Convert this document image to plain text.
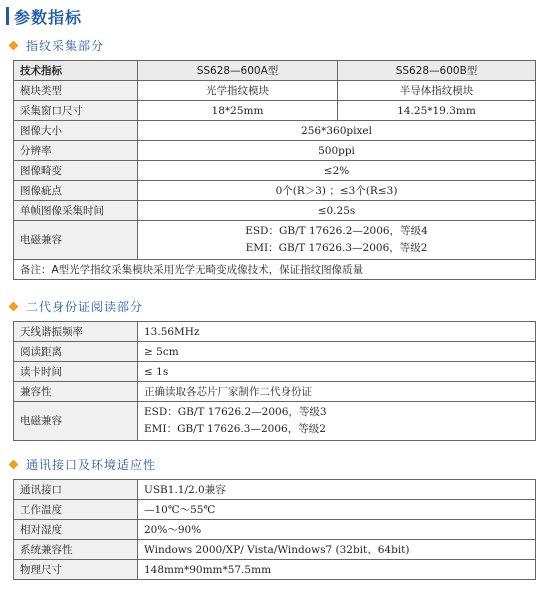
参数指标
指纹采集部分
技术指标	SS628—600A型	SS628—600B型
模块类型	光学指纹模块	半导体指纹模块
采集窗口尺寸	18*25mm	14.25*19.3mm
图像大小	256*360pixel	
分辨率	500ppi	
图像畸变	≤2%	
图像疵点	0个(R＞3) ；≤3个(R≤3)	
单帧图像采集时间	≤0.25s	
电磁兼容	ESD：GB/T 17626.2—2006，等级4
EMI：GB/T 17626.3—2006，等级2	

备注：A型光学指纹采集模块采用光学无畸变成像技术，保证指纹图像质量		
二代身份证阅读部分
天线谐振频率	13.56MHz
阅读距离	≥ 5cm
读卡时间	≤ 1s
兼容性	正确读取各芯片厂家制作二代身份证
电磁兼容	ESD：GB/T 17626.2—2006，等级3
EMI：GB/T 17626.3—2006，等级2
通讯接口及环境适应性
通讯接口	USB1.1/2.0兼容
工作温度	—10℃～55℃
相对湿度	20%～90%
系统兼容性	Windows 2000/XP/ Vista/Windows7 (32bit、64bit)
物理尺寸	148mm*90mm*57.5mm
